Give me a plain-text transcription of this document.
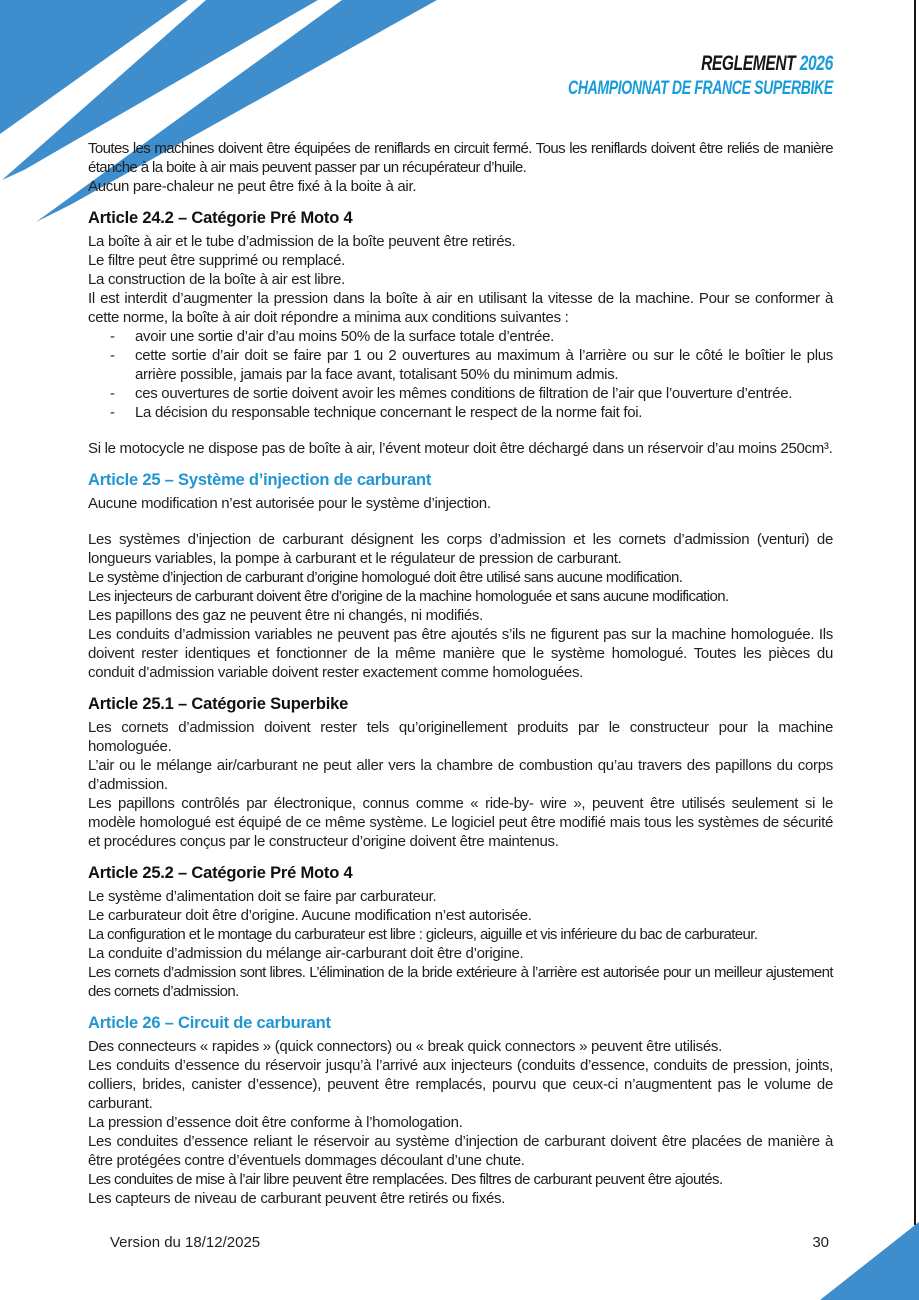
REGLEMENT 2026
CHAMPIONNAT DE FRANCE SUPERBIKE

Toutes les machines doivent être équipées de reniflards en circuit fermé. Tous les reniflards doivent être reliés de manière étanche à la boite à air mais peuvent passer par un récupérateur d’huile.

Aucun pare-chaleur ne peut être fixé à la boite à air.

Article 24.2 – Catégorie Pré Moto 4

La boîte à air et le tube d’admission de la boîte peuvent être retirés.

Le filtre peut être supprimé ou remplacé.

La construction de la boîte à air est libre.

Il est interdit d’augmenter la pression dans la boîte à air en utilisant la vitesse de la machine. Pour se conformer à cette norme, la boîte à air doit répondre a minima aux conditions suivantes :

- avoir une sortie d’air d’au moins 50% de la surface totale d’entrée.
- cette sortie d’air doit se faire par 1 ou 2 ouvertures au maximum à l’arrière ou sur le côté le boîtier le plus arrière possible, jamais par la face avant, totalisant 50% du minimum admis.
- ces ouvertures de sortie doivent avoir les mêmes conditions de filtration de l’air que l’ouverture d’entrée.
- La décision du responsable technique concernant le respect de la norme fait foi.

Si le motocycle ne dispose pas de boîte à air, l’évent moteur doit être déchargé dans un réservoir d’au moins 250cm³.

Article 25 – Système d’injection de carburant

Aucune modification n’est autorisée pour le système d’injection.

Les systèmes d’injection de carburant désignent les corps d’admission et les cornets d’admission (venturi) de longueurs variables, la pompe à carburant et le régulateur de pression de carburant.

Le système d’injection de carburant d’origine homologué doit être utilisé sans aucune modification.

Les injecteurs de carburant doivent être d’origine de la machine homologuée et sans aucune modification.

Les papillons des gaz ne peuvent être ni changés, ni modifiés.

Les conduits d’admission variables ne peuvent pas être ajoutés s’ils ne figurent pas sur la machine homologuée. Ils doivent rester identiques et fonctionner de la même manière que le système homologué. Toutes les pièces du conduit d’admission variable doivent rester exactement comme homologuées.

Article 25.1 – Catégorie Superbike

Les cornets d’admission doivent rester tels qu’originellement produits par le constructeur pour la machine homologuée.

L’air ou le mélange air/carburant ne peut aller vers la chambre de combustion qu’au travers des papillons du corps d’admission.

Les papillons contrôlés par électronique, connus comme « ride-by- wire », peuvent être utilisés seulement si le modèle homologué est équipé de ce même système. Le logiciel peut être modifié mais tous les systèmes de sécurité et procédures conçus par le constructeur d’origine doivent être maintenus.

Article 25.2 – Catégorie Pré Moto 4

Le système d’alimentation doit se faire par carburateur.

Le carburateur doit être d’origine. Aucune modification n’est autorisée.

La configuration et le montage du carburateur est libre : gicleurs, aiguille et vis inférieure du bac de carburateur.

La conduite d’admission du mélange air-carburant doit être d’origine.

Les cornets d’admission sont libres. L’élimination de la bride extérieure à l’arrière est autorisée pour un meilleur ajustement des cornets d’admission.

Article 26 – Circuit de carburant

Des connecteurs « rapides » (quick connectors) ou « break quick connectors » peuvent être utilisés.

Les conduits d’essence du réservoir jusqu’à l’arrivé aux injecteurs (conduits d’essence, conduits de pression, joints, colliers, brides, canister d’essence), peuvent être remplacés, pourvu que ceux-ci n’augmentent pas le volume de carburant.

La pression d’essence doit être conforme à l’homologation.

Les conduites d’essence reliant le réservoir au système d’injection de carburant doivent être placées de manière à être protégées contre d’éventuels dommages découlant d’une chute.

Les conduites de mise à l’air libre peuvent être remplacées. Des filtres de carburant peuvent être ajoutés.

Les capteurs de niveau de carburant peuvent être retirés ou fixés.

Version du 18/12/2025	30
